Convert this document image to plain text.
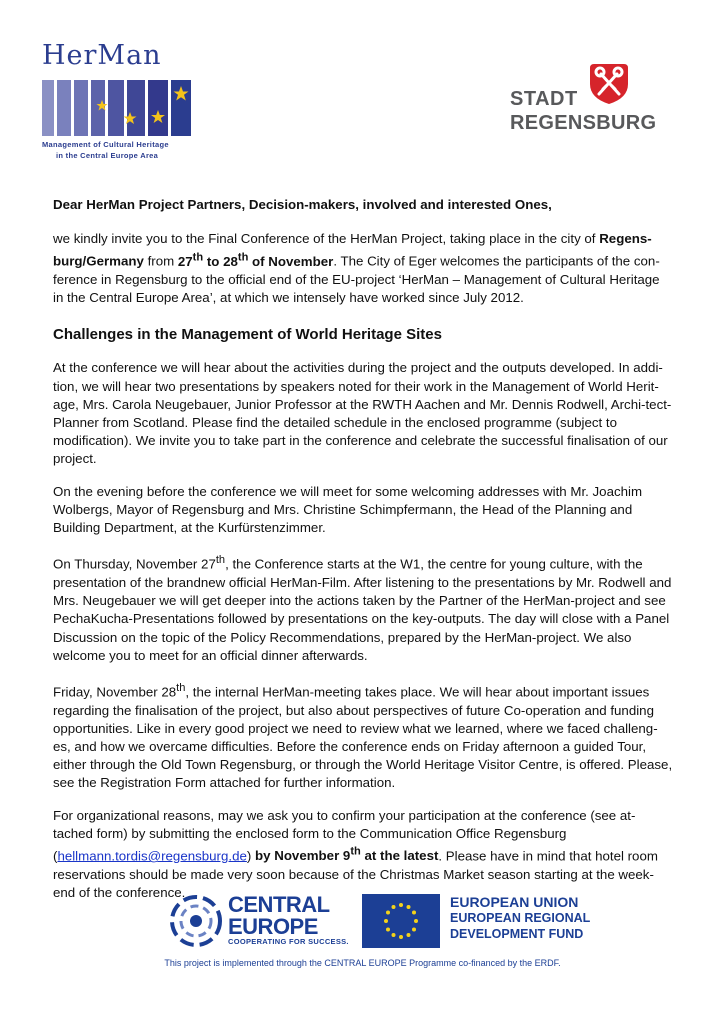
HerMan
Management of Cultural Heritage
in the Central Europe Area
STADT
REGENSBURG

Dear HerMan Project Partners, Decision-makers, involved and interested Ones,

we kindly invite you to the Final Conference of the HerMan Project, taking place in the city of Regens-burg/Germany from 27th to 28th of November. The City of Eger welcomes the participants of the con-ference in Regensburg to the official end of the EU-project ‘HerMan – Management of Cultural Heritage in the Central Europe Area’, at which we intensely have worked since July 2012.

Challenges in the Management of World Heritage Sites

At the conference we will hear about the activities during the project and the outputs developed. In addi-tion, we will hear two presentations by speakers noted for their work in the Management of World Herit-age, Mrs. Carola Neugebauer, Junior Professor at the RWTH Aachen and Mr. Dennis Rodwell, Archi-tect-Planner from Scotland. Please find the detailed schedule in the enclosed programme (subject to modification). We invite you to take part in the conference and celebrate the successful finalisation of our project.

On the evening before the conference we will meet for some welcoming addresses with Mr. Joachim Wolbergs, Mayor of Regensburg and Mrs. Christine Schimpfermann, the Head of the Planning and Building Department, at the Kurfürstenzimmer.

On Thursday, November 27th, the Conference starts at the W1, the centre for young culture, with the presentation of the brandnew official HerMan-Film. After listening to the presentations by Mr. Rodwell and Mrs. Neugebauer we will get deeper into the actions taken by the Partner of the HerMan-project and see PechaKucha-Presentations followed by presentations on the key-outputs. The day will close with a Panel Discussion on the topic of the Policy Recommendations, prepared by the HerMan-project. We also welcome you to meet for an official dinner afterwards.

Friday, November 28th, the internal HerMan-meeting takes place. We will hear about important issues regarding the finalisation of the project, but also about perspectives of future Co-operation and funding opportunities. Like in every good project we need to review what we learned, where we faced challeng-es, and how we overcame difficulties. Before the conference ends on Friday afternoon a guided Tour, either through the Old Town Regensburg, or through the World Heritage Visitor Centre, is offered. Please, see the Registration Form attached for further information.

For organizational reasons, may we ask you to confirm your participation at the conference (see at-tached form) by submitting the enclosed form to the Communication Office Regensburg (hellmann.tordis@regensburg.de) by November 9th at the latest. Please have in mind that hotel room reservations should be made very soon because of the Christmas Market season starting at the week-end of the conference.	CENTRAL
EUROPE
COOPERATING FOR SUCCESS.
EUROPEAN UNION
EUROPEAN REGIONAL
DEVELOPMENT FUND
This project is implemented through the CENTRAL EUROPE Programme co-financed by the ERDF.
